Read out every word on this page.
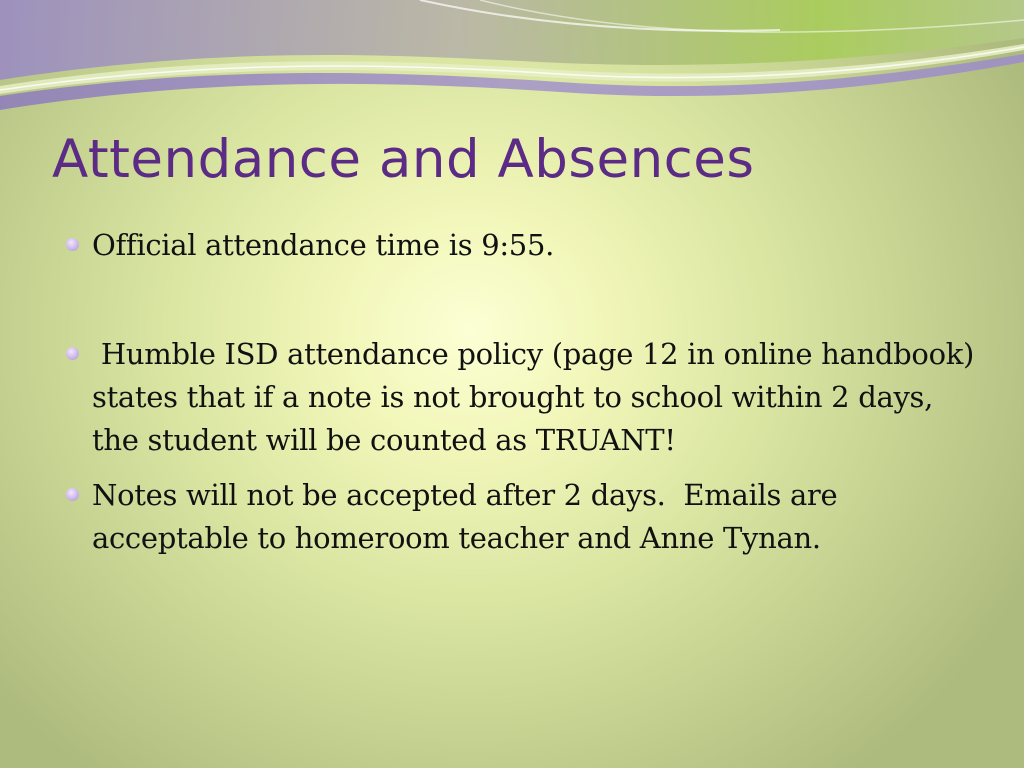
Attendance and Absences
Official attendance time is 9:55.
Humble ISD attendance policy (page 12 in online handbook) states that if a note is not brought to school within 2 days, the student will be counted as TRUANT!
Notes will not be accepted after 2 days.  Emails are acceptable to homeroom teacher and Anne Tynan.
